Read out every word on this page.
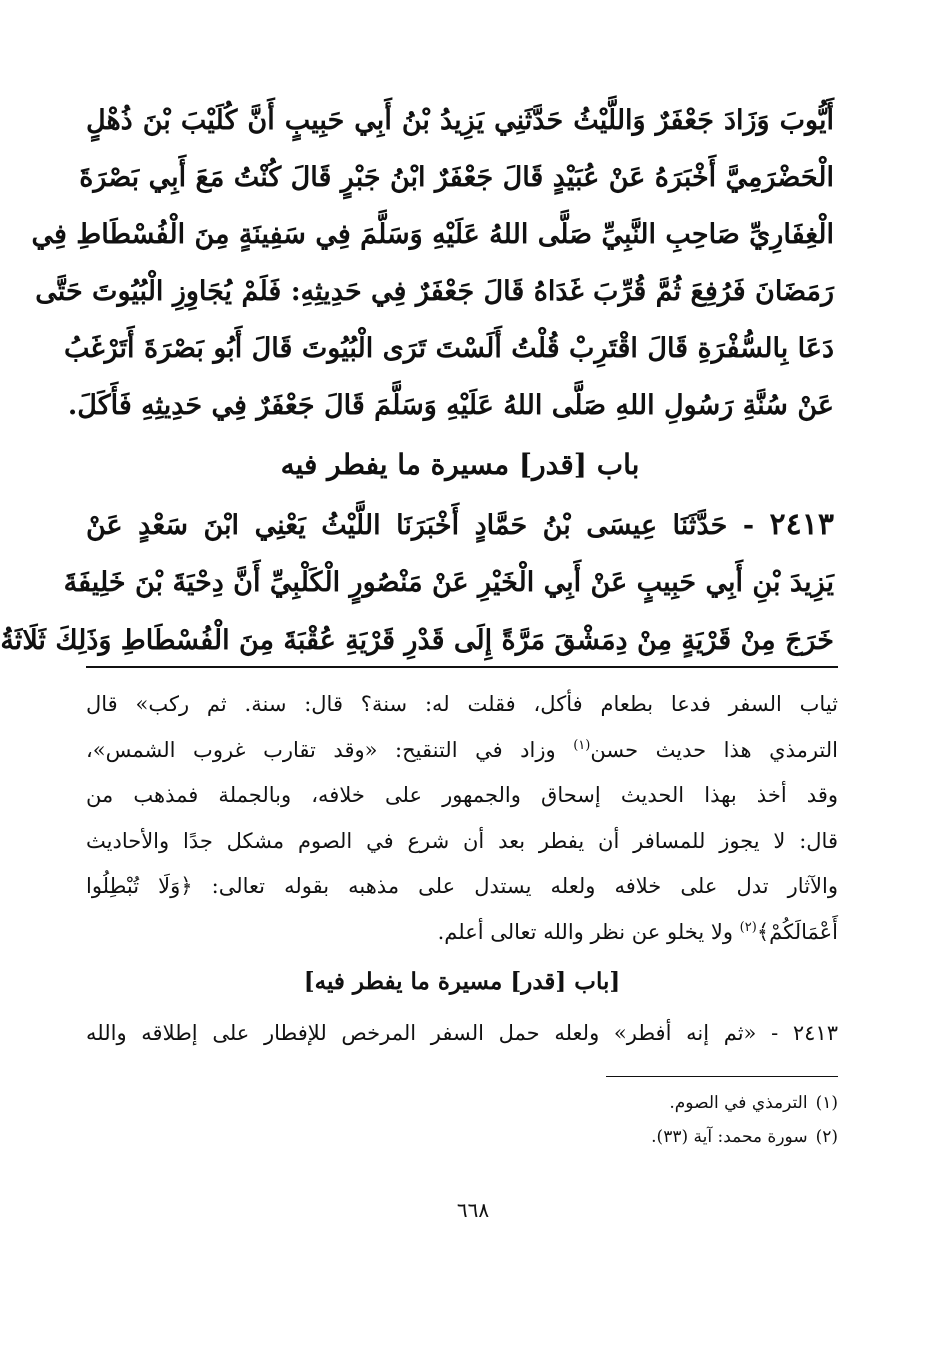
أَيُّوبَ وَزَادَ جَعْفَرٌ وَاللَّيْثُ حَدَّثَنِي يَزِيدُ بْنُ أَبِي حَبِيبٍ أَنَّ كُلَيْبَ بْنَ ذُهْلٍ
الْحَضْرَمِيَّ أَخْبَرَهُ عَنْ عُبَيْدٍ قَالَ جَعْفَرٌ ابْنُ جَبْرٍ قَالَ كُنْتُ مَعَ أَبِي بَصْرَةَ
الْغِفَارِيِّ صَاحِبِ النَّبِيِّ صَلَّى اللهُ عَلَيْهِ وَسَلَّمَ فِي سَفِينَةٍ مِنَ الْفُسْطَاطِ فِي
رَمَضَانَ فَرُفِعَ ثُمَّ قُرِّبَ غَدَاهُ قَالَ جَعْفَرٌ فِي حَدِيثِهِ: فَلَمْ يُجَاوِزِ الْبُيُوتَ حَتَّى
دَعَا بِالسُّفْرَةِ قَالَ اقْتَرِبْ قُلْتُ أَلَسْتَ تَرَى الْبُيُوتَ قَالَ أَبُو بَصْرَةَ أَتَرْغَبُ
عَنْ سُنَّةِ رَسُولِ اللهِ صَلَّى اللهُ عَلَيْهِ وَسَلَّمَ قَالَ جَعْفَرٌ فِي حَدِيثِهِ فَأَكَلَ.
باب [قدر] مسيرة ما يفطر فيه
٢٤١٣ - حَدَّثَنَا عِيسَى بْنُ حَمَّادٍ أَخْبَرَنَا اللَّيْثُ يَعْنِي ابْنَ سَعْدٍ عَنْ
يَزِيدَ بْنِ أَبِي حَبِيبٍ عَنْ أَبِي الْخَيْرِ عَنْ مَنْصُورٍ الْكَلْبِيِّ أَنَّ دِحْيَةَ بْنَ خَلِيفَةَ
خَرَجَ مِنْ قَرْيَةٍ مِنْ دِمَشْقَ مَرَّةً إِلَى قَدْرِ قَرْيَةِ عُقْبَةَ مِنَ الْفُسْطَاطِ وَذَلِكَ ثَلَاثَةُ
ثياب السفر فدعا بطعام فأكل، فقلت له: سنة؟ قال: سنة. ثم ركب» قال
الترمذي هذا حديث حسن$^{(١)}$ وزاد في التنقيح: «وقد تقارب غروب الشمس»،
وقد أخذ بهذا الحديث إسحاق والجمهور على خلافه، وبالجملة فمذهب من
قال: لا يجوز للمسافر أن يفطر بعد أن شرع في الصوم مشكل جدًا والأحاديث
والآثار تدل على خلافه ولعله يستدل على مذهبه بقوله تعالى: ﴿وَلَا تُبْطِلُوا
أَعْمَالَكُمْ﴾$^{(٢)}$ ولا يخلو عن نظر والله تعالى أعلم.
[باب [قدر] مسيرة ما يفطر فيه]
٢٤١٣ - «ثم إنه أفطر» ولعله حمل السفر المرخص للإفطار على إطلاقه والله
(١)الترمذي في الصوم.
(٢)سورة محمد: آية (٣٣).
٦٦٨
